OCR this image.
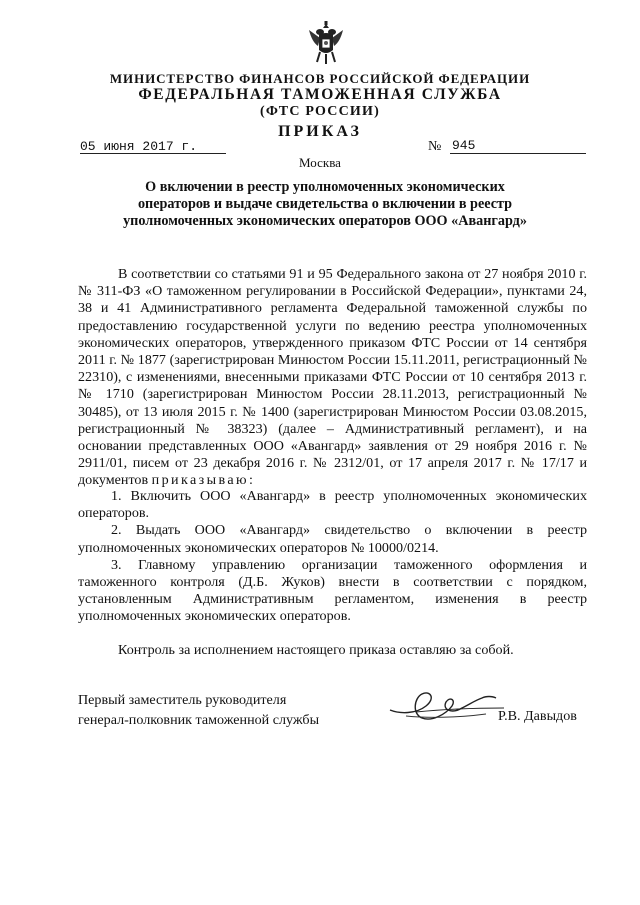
МИНИСТЕРСТВО ФИНАНСОВ РОССИЙСКОЙ ФЕДЕРАЦИИ
ФЕДЕРАЛЬНАЯ ТАМОЖЕННАЯ СЛУЖБА
(ФТС РОССИИ)
ПРИКАЗ
05 июня 2017 г.	№ 945
Москва
О включении в реестр уполномоченных экономических операторов и выдаче свидетельства о включении в реестр уполномоченных экономических операторов ООО «Авангард»

В соответствии со статьями 91 и 95 Федерального закона от 27 ноября 2010 г. № 311-ФЗ «О таможенном регулировании в Российской Федерации», пунктами 24, 38 и 41 Административного регламента Федеральной таможенной службы по предоставлению государственной услуги по ведению реестра уполномоченных экономических операторов, утвержденного приказом ФТС России от 14 сентября 2011 г. № 1877 (зарегистрирован Минюстом России 15.11.2011, регистрационный № 22310), с изменениями, внесенными приказами ФТС России от 10 сентября 2013 г. № 1710 (зарегистрирован Минюстом России 28.11.2013, регистрационный № 30485), от 13 июля 2015 г. № 1400 (зарегистрирован Минюстом России 03.08.2015, регистрационный № 38323) (далее – Административный регламент), и на основании представленных ООО «Авангард» заявления от 29 ноября 2016 г. № 2911/01, писем от 23 декабря 2016 г. № 2312/01, от 17 апреля 2017 г. № 17/17 и документов приказываю:

1. Включить ООО «Авангард» в реестр уполномоченных экономических операторов.

2. Выдать ООО «Авангард» свидетельство о включении в реестр уполномоченных экономических операторов № 10000/0214.

3. Главному управлению организации таможенного оформления и таможенного контроля (Д.Б. Жуков) внести в соответствии с порядком, установленным Административным регламентом, изменения в реестр уполномоченных экономических операторов.

Контроль за исполнением настоящего приказа оставляю за собой.

Первый заместитель руководителя
генерал-полковник таможенной службы	Р.В. Давыдов
